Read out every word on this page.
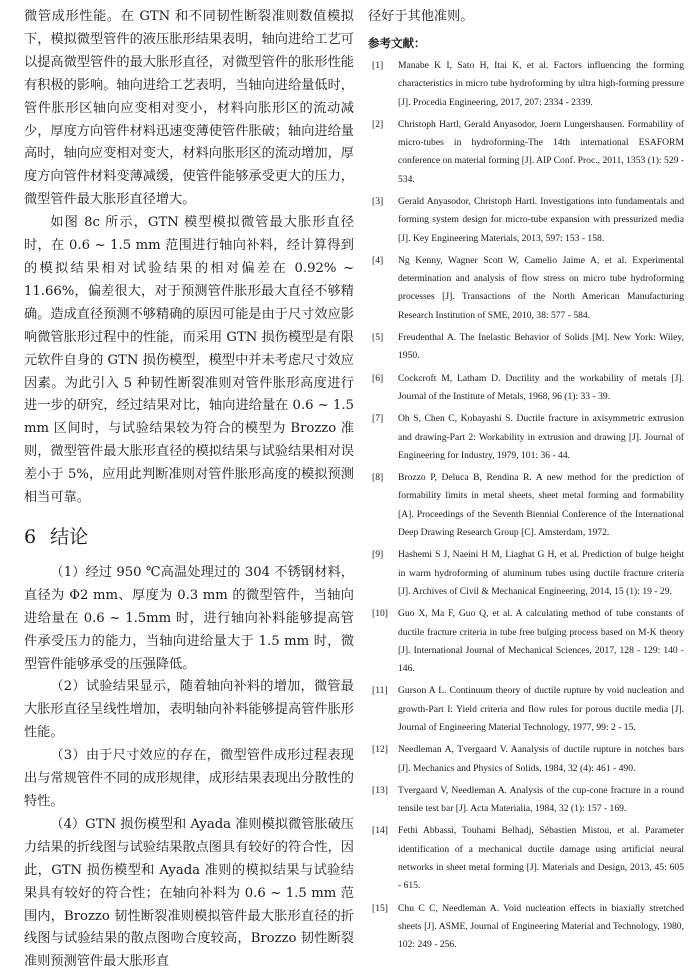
微管成形性能。在 GTN 和不同韧性断裂准则数值模拟下，模拟微型管件的液压胀形结果表明，轴向进给工艺可以提高微型管件的最大胀形直径，对微型管件的胀形性能有积极的影响。轴向进给工艺表明，当轴向进给量低时，管件胀形区轴向应变相对变小，材料向胀形区的流动减少，厚度方向管件材料迅速变薄使管件胀破；轴向进给量高时，轴向应变相对变大，材料向胀形区的流动增加，厚度方向管件材料变薄减缓，使管件能够承受更大的压力，微型管件最大胀形直径增大。

如图 8c 所示，GTN 模型模拟微管最大胀形直径时，在 0.6 ~ 1.5 mm 范围进行轴向补料，经计算得到的模拟结果相对试验结果的相对偏差在 0.92% ~ 11.66%，偏差很大，对于预测管件胀形最大直径不够精确。造成直径预测不够精确的原因可能是由于尺寸效应影响微管胀形过程中的性能，而采用 GTN 损伤模型是有限元软件自身的 GTN 损伤模型，模型中并未考虑尺寸效应因素。为此引入 5 种韧性断裂准则对管件胀形高度进行进一步的研究，经过结果对比，轴向进给量在 0.6 ~ 1.5 mm 区间时，与试验结果较为符合的模型为 Brozzo 准则，微型管件最大胀形直径的模拟结果与试验结果相对误差小于 5%，应用此判断准则对管件胀形高度的模拟预测相当可靠。

6 结论

（1）经过 950 ℃高温处理过的 304 不锈钢材料，直径为 Φ2 mm、厚度为 0.3 mm 的微型管件，当轴向进给量在 0.6 ~ 1.5mm 时，进行轴向补料能够提高管件承受压力的能力，当轴向进给量大于 1.5 mm 时，微型管件能够承受的压强降低。

（2）试验结果显示，随着轴向补料的增加，微管最大胀形直径呈线性增加，表明轴向补料能够提高管件胀形性能。

（3）由于尺寸效应的存在，微型管件成形过程表现出与常规管件不同的成形规律，成形结果表现出分散性的特性。

（4）GTN 损伤模型和 Ayada 准则模拟微管胀破压力结果的折线图与试验结果散点图具有较好的符合性，因此，GTN 损伤模型和 Ayada 准则的模拟结果与试验结果具有较好的符合性；在轴向补料为 0.6 ~ 1.5 mm 范围内，Brozzo 韧性断裂准则模拟管件最大胀形直径的折线图与试验结果的散点图吻合度较高，Brozzo 韧性断裂准则预测管件最大胀形直

径好于其他准则。

参考文献：
[1]	Manabe K I, Sato H, Itai K, et al. Factors influencing the forming characteristics in micro tube hydroforming by ultra high-forming pressure [J]. Procedia Engineering, 2017, 207: 2334 - 2339.
[2]	Christoph Hartl, Gerald Anyasodor, Joern Lungershausen. Formability of micro-tubes in hydroforming-The 14th international ESAFORM conference on material forming [J]. AIP Conf. Proc., 2011, 1353 (1): 529 - 534.
[3]	Gerald Anyasodor, Christoph Hartl. Investigations into fundamentals and forming system design for micro-tube expansion with pressurized media [J]. Key Engineering Materials, 2013, 597: 153 - 158.
[4]	Ng Kenny, Wagner Scott W, Camelio Jaime A, et al. Experimental determination and analysis of flow stress on micro tube hydroforming processes [J]. Transactions of the North American Manufacturing Research Institution of SME, 2010, 38: 577 - 584.
[5]	Freudenthal A. The Inelastic Behavior of Solids [M]. New York: Wiley, 1950.
[6]	Cockcroft M, Latham D. Ductility and the workability of metals [J]. Journal of the Institute of Metals, 1968, 96 (1): 33 - 39.
[7]	Oh S, Chen C, Kobayashi S. Ductile fracture in axisymmetric extrusion and drawing-Part 2: Workability in extrusion and drawing [J]. Journal of Engineering for Industry, 1979, 101: 36 - 44.
[8]	Brozzo P, Deluca B, Rendina R. A new method for the prediction of formability limits in metal sheets, sheet metal forming and formability [A]. Proceedings of the Seventh Biennial Conference of the International Deep Drawing Research Group [C]. Amsterdam, 1972.
[9]	Hashemi S J, Naeini H M, Liaghat G H, et al. Prediction of bulge height in warm hydroforming of aluminum tubes using ductile fracture criteria [J]. Archives of Civil & Mechanical Engineering, 2014, 15 (1): 19 - 29.
[10]	Guo X, Ma F, Guo Q, et al. A calculating method of tube constants of ductile fracture criteria in tube free bulging process based on M-K theory [J]. International Journal of Mechanical Sciences, 2017, 128 - 129: 140 - 146.
[11]	Gurson A L. Continuum theory of ductile rupture by void nucleation and growth-Part I: Yield criteria and flow rules for porous ductile media [J]. Journal of Engineering Material Technology, 1977, 99: 2 - 15.
[12]	Needleman A, Tvergaard V. Aanalysis of ductile rupture in notches bars [J]. Mechanics and Physics of Solids, 1984, 32 (4): 461 - 490.
[13]	Tvergaard V, Needleman A. Analysis of the cup-cone fracture in a round tensile test bar [J]. Acta Materialia, 1984, 32 (1): 157 - 169.
[14]	Fethi Abbassi, Touhami Belhadj, Sébastien Mistou, et al. Parameter identification of a mechanical ductile damage using artificial neural networks in sheet metal forming [J]. Materials and Design, 2013, 45: 605 - 615.
[15]	Chu C C, Needleman A. Void nucleation effects in biaxially stretched sheets [J]. ASME, Journal of Engineering Material and Technology, 1980, 102: 249 - 256.
